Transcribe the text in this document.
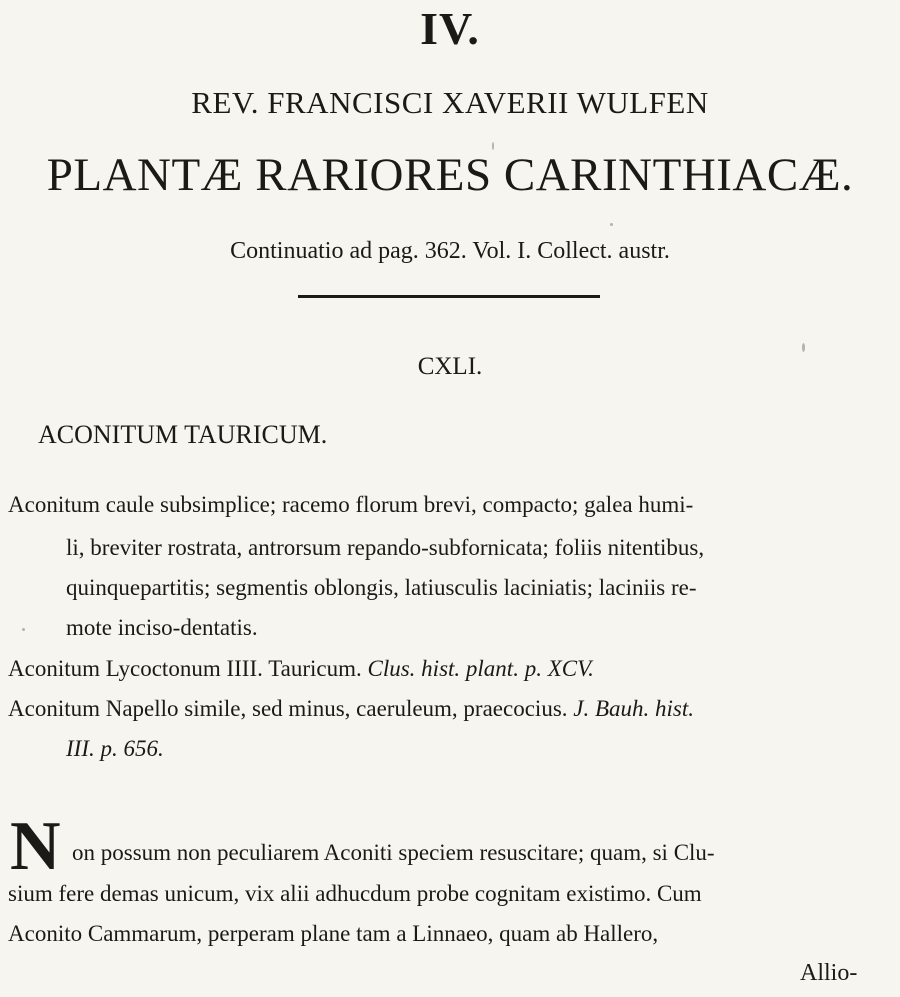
IV.
REV. FRANCISCI XAVERII WULFEN
PLANTÆ RARIORES CARINTHIACÆ.
Continuatio ad pag. 362. Vol. I. Collect. austr.
CXLI.
ACONITUM TAURICUM.
Aconitum caule subsimplice; racemo florum brevi, compacto; galea humi-
li, breviter rostrata, antrorsum repando-subfornicata; foliis nitentibus,
quinquepartitis; segmentis oblongis, latiusculis laciniatis; laciniis re-
mote inciso-dentatis.
Aconitum Lycoctonum IIII. Tauricum. Clus. hist. plant. p. XCV.
Aconitum Napello simile, sed minus, caeruleum, praecocius. J. Bauh. hist.
III. p. 656.
N on possum non peculiarem Aconiti speciem resuscitare; quam, si Clu-
sium fere demas unicum, vix alii adhucdum probe cognitam existimo. Cum
Aconito Cammarum, perperam plane tam a Linnaeo, quam ab Hallero,
Allio-
